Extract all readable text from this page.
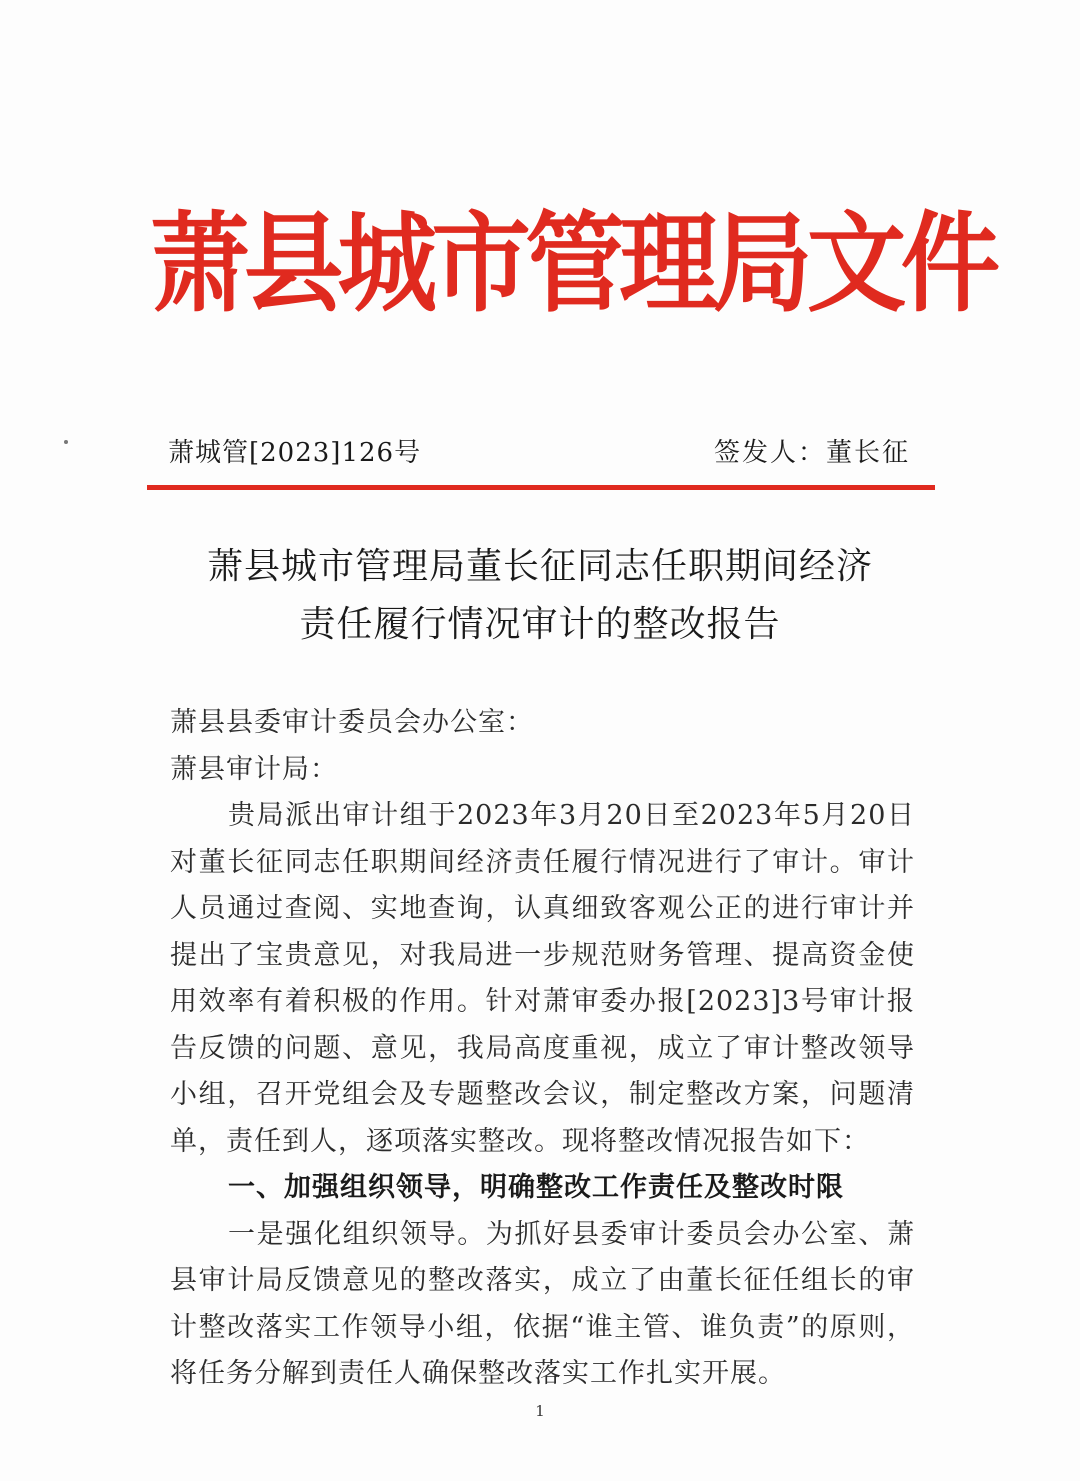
萧县城市管理局文件
萧城管[2023]126号	签发人：董长征
萧县城市管理局董长征同志任职期间经济
责任履行情况审计的整改报告

萧县县委审计委员会办公室：

萧县审计局：

贵局派出审计组于2023年3月20日至2023年5月20日对董长征同志任职期间经济责任履行情况进行了审计。审计人员通过查阅、实地查询，认真细致客观公正的进行审计并提出了宝贵意见，对我局进一步规范财务管理、提高资金使用效率有着积极的作用。针对萧审委办报[2023]3号审计报告反馈的问题、意见，我局高度重视，成立了审计整改领导小组，召开党组会及专题整改会议，制定整改方案，问题清单，责任到人，逐项落实整改。现将整改情况报告如下：

一、加强组织领导，明确整改工作责任及整改时限

一是强化组织领导。为抓好县委审计委员会办公室、萧县审计局反馈意见的整改落实，成立了由董长征任组长的审计整改落实工作领导小组，依据“谁主管、谁负责”的原则，将任务分解到责任人确保整改落实工作扎实开展。

1
